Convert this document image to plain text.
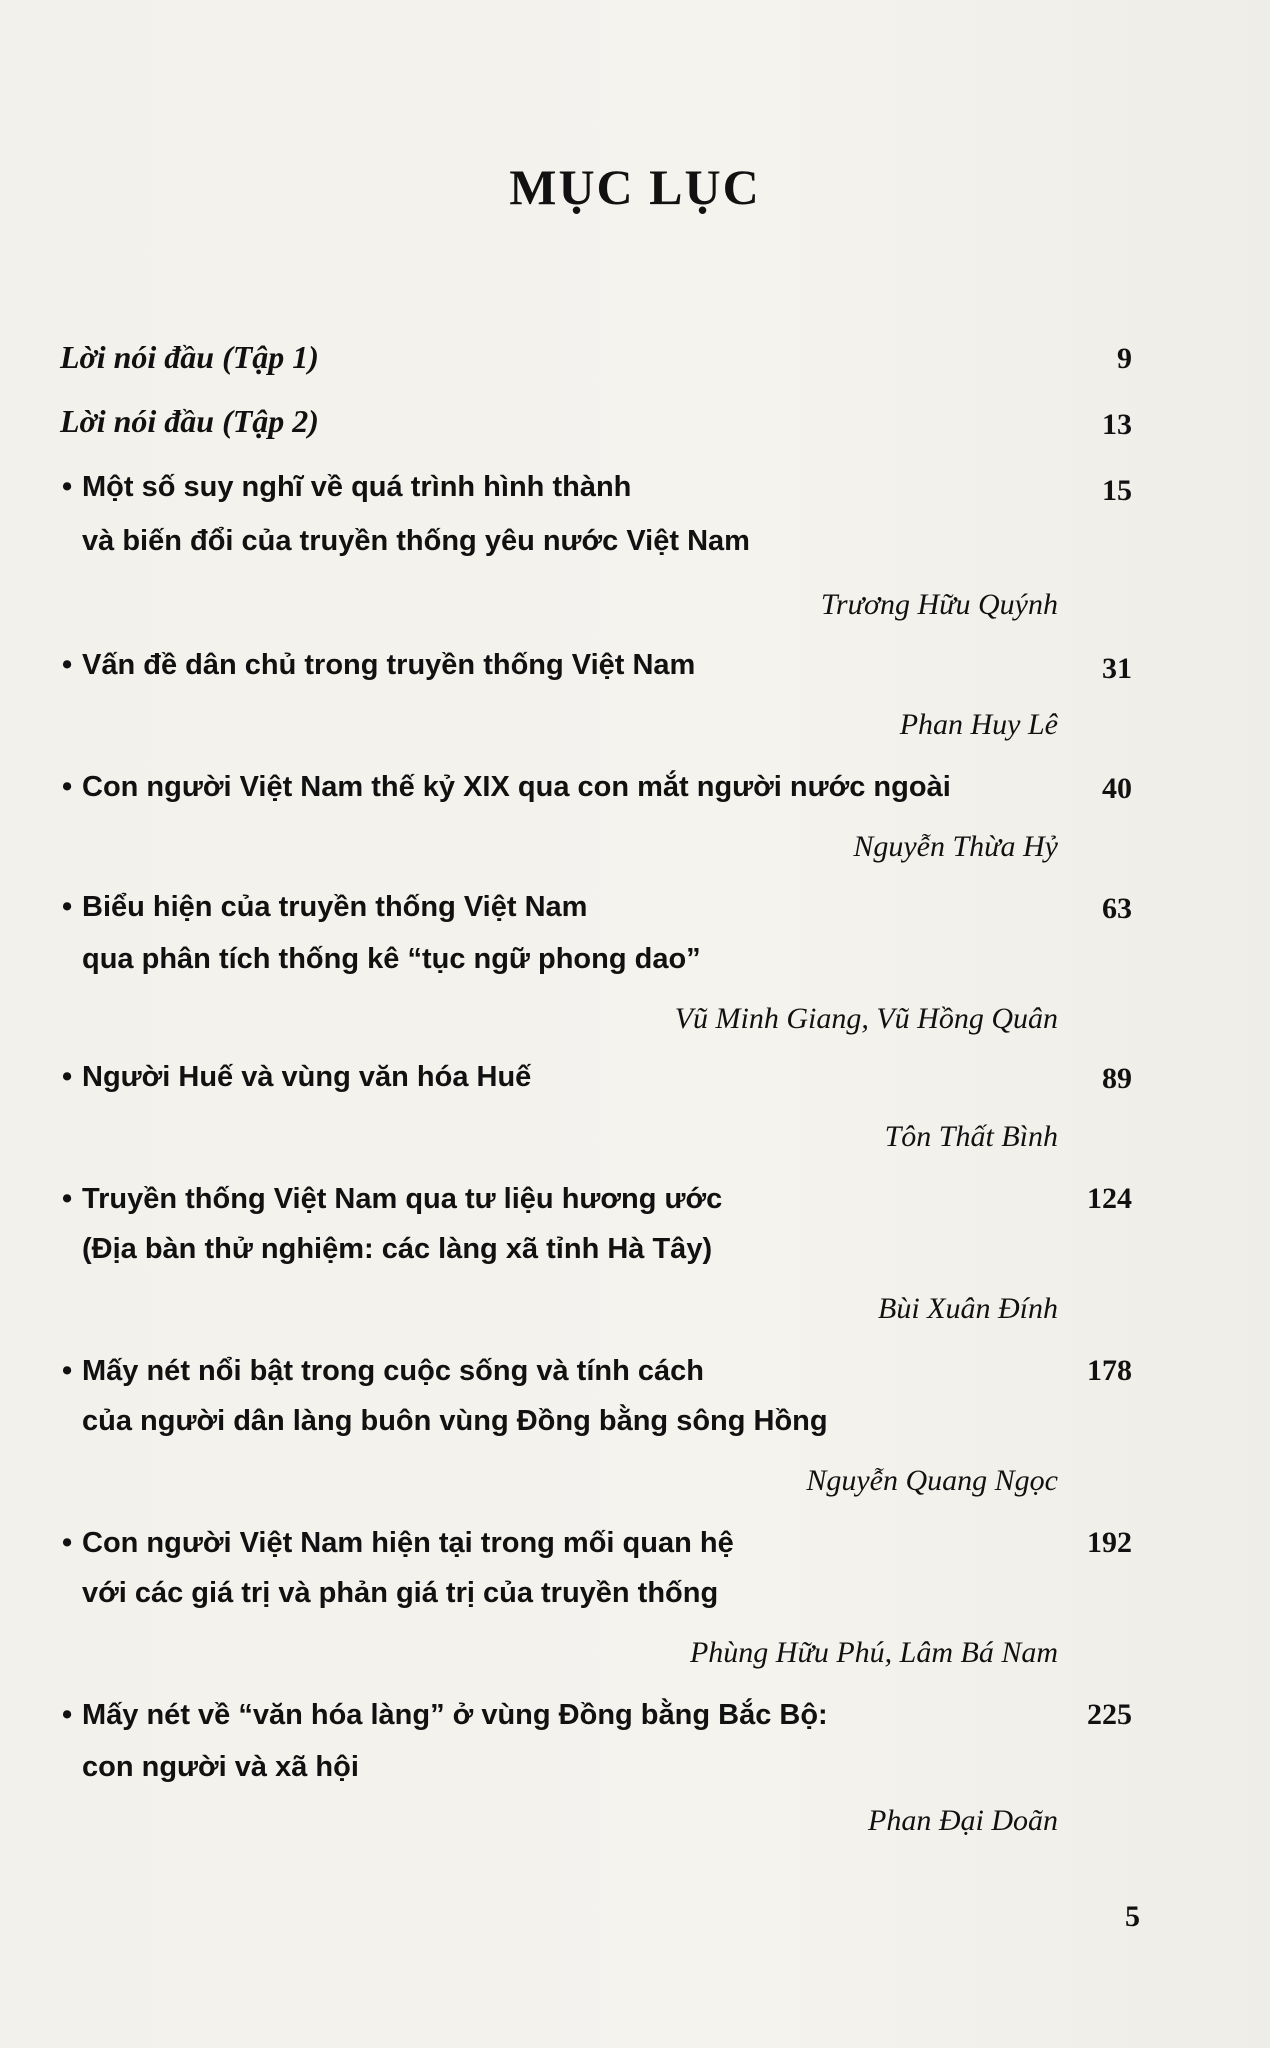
MỤC LỤC
Lời nói đầu (Tập 1)	9
Lời nói đầu (Tập 2)	13
• Một số suy nghĩ về quá trình hình thành	15
và biến đổi của truyền thống yêu nước Việt Nam
Trương Hữu Quýnh
• Vấn đề dân chủ trong truyền thống Việt Nam	31
Phan Huy Lê
• Con người Việt Nam thế kỷ XIX qua con mắt người nước ngoài	40
Nguyễn Thừa Hỷ
• Biểu hiện của truyền thống Việt Nam	63
qua phân tích thống kê “tục ngữ phong dao”
Vũ Minh Giang, Vũ Hồng Quân
• Người Huế và vùng văn hóa Huế	89
Tôn Thất Bình
• Truyền thống Việt Nam qua tư liệu hương ước	124
(Địa bàn thử nghiệm: các làng xã tỉnh Hà Tây)
Bùi Xuân Đính
• Mấy nét nổi bật trong cuộc sống và tính cách	178
của người dân làng buôn vùng Đồng bằng sông Hồng
Nguyễn Quang Ngọc
• Con người Việt Nam hiện tại trong mối quan hệ	192
với các giá trị và phản giá trị của truyền thống
Phùng Hữu Phú, Lâm Bá Nam
• Mấy nét về “văn hóa làng” ở vùng Đồng bằng Bắc Bộ:	225
con người và xã hội
Phan Đại Doãn
5
